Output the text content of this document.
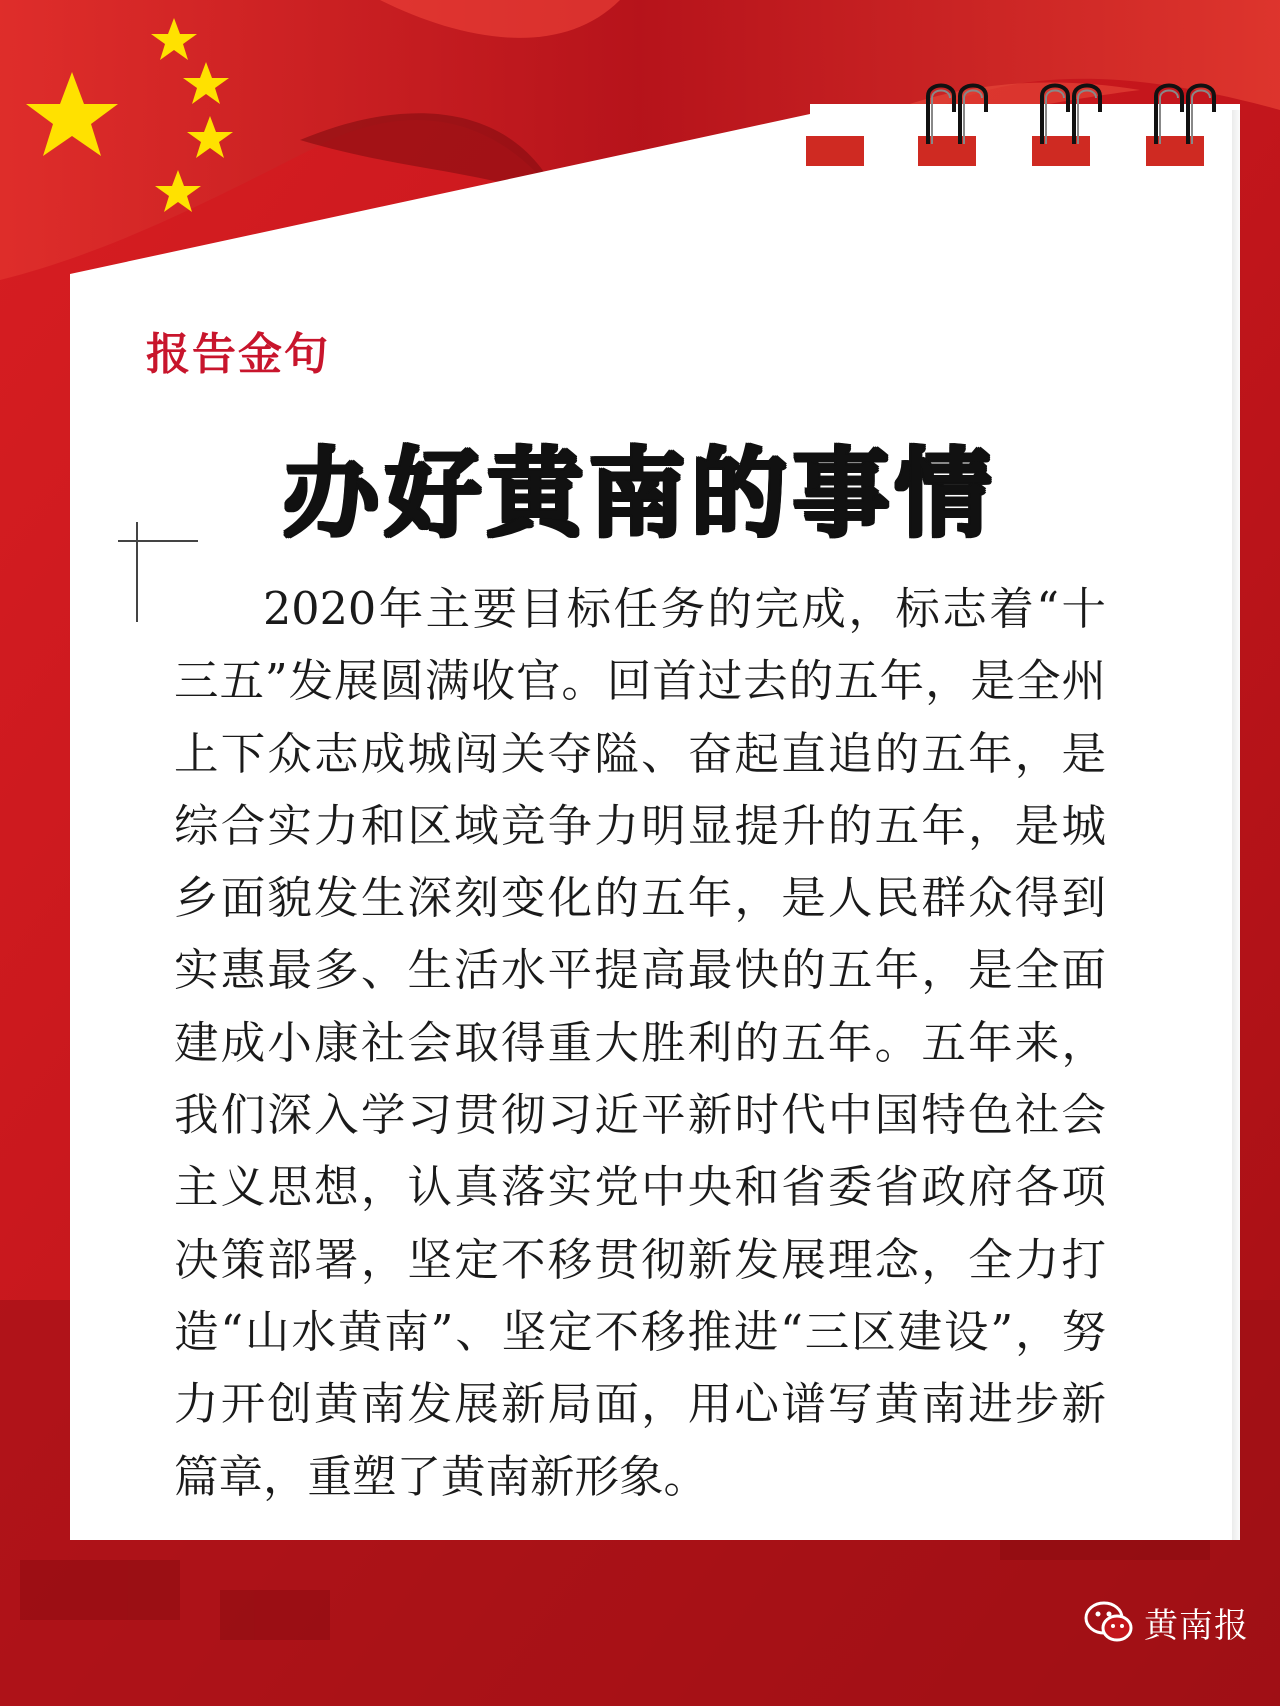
报告金句
办好黄南的事情
2020年主要目标任务的完成，标志着“十三五”发展圆满收官。回首过去的五年，是全州上下众志成城闯关夺隘、奋起直追的五年，是综合实力和区域竞争力明显提升的五年，是城乡面貌发生深刻变化的五年，是人民群众得到实惠最多、生活水平提高最快的五年，是全面建成小康社会取得重大胜利的五年。五年来，我们深入学习贯彻习近平新时代中国特色社会主义思想，认真落实党中央和省委省政府各项决策部署，坚定不移贯彻新发展理念，全力打造“山水黄南”、坚定不移推进“三区建设”，努力开创黄南发展新局面，用心谱写黄南进步新篇章，重塑了黄南新形象。
黄南报
